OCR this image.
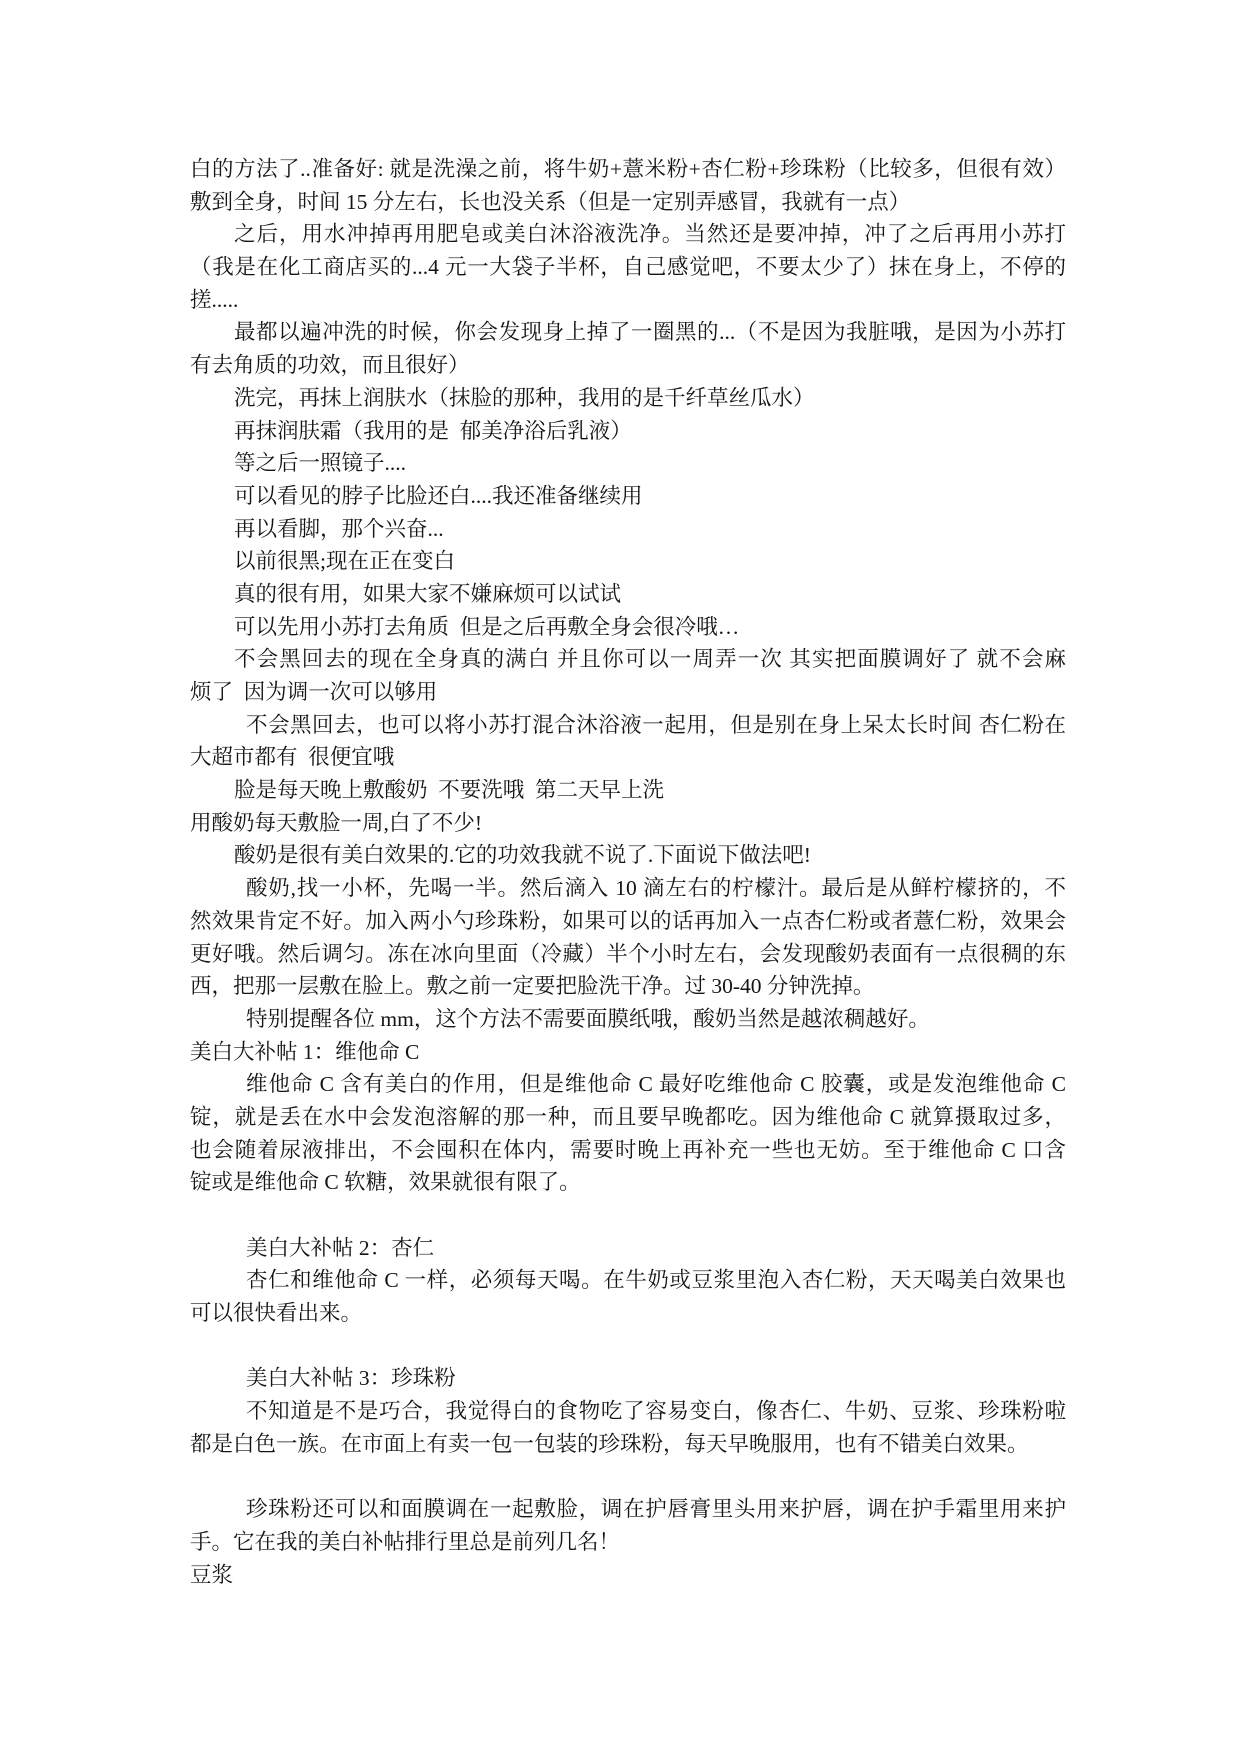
白的方法了..准备好: 就是洗澡之前，将牛奶+薏米粉+杏仁粉+珍珠粉（比较多，但很有效）
敷到全身，时间 15 分左右，长也没关系（但是一定别弄感冒，我就有一点）
之后，用水冲掉再用肥皂或美白沐浴液洗净。当然还是要冲掉，冲了之后再用小苏打
（我是在化工商店买的...4 元一大袋子半杯，自己感觉吧，不要太少了）抹在身上，不停的
搓.....
最都以遍冲洗的时候，你会发现身上掉了一圈黑的...（不是因为我脏哦，是因为小苏打
有去角质的功效，而且很好）
洗完，再抹上润肤水（抹脸的那种，我用的是千纤草丝瓜水）
再抹润肤霜（我用的是  郁美净浴后乳液）
等之后一照镜子....
可以看见的脖子比脸还白....我还准备继续用
再以看脚，那个兴奋...
以前很黑;现在正在变白
真的很有用，如果大家不嫌麻烦可以试试
可以先用小苏打去角质  但是之后再敷全身会很冷哦…
不会黑回去的现在全身真的满白 并且你可以一周弄一次 其实把面膜调好了 就不会麻
烦了  因为调一次可以够用
不会黑回去，也可以将小苏打混合沐浴液一起用，但是别在身上呆太长时间 杏仁粉在
大超市都有  很便宜哦
脸是每天晚上敷酸奶  不要洗哦  第二天早上洗
用酸奶每天敷脸一周,白了不少!
酸奶是很有美白效果的.它的功效我就不说了.下面说下做法吧!
酸奶,找一小杯，先喝一半。然后滴入 10 滴左右的柠檬汁。最后是从鲜柠檬挤的，不
然效果肯定不好。加入两小勺珍珠粉，如果可以的话再加入一点杏仁粉或者薏仁粉，效果会
更好哦。然后调匀。冻在冰向里面（冷藏）半个小时左右，会发现酸奶表面有一点很稠的东
西，把那一层敷在脸上。敷之前一定要把脸洗干净。过 30-40 分钟洗掉。
特别提醒各位 mm，这个方法不需要面膜纸哦，酸奶当然是越浓稠越好。
美白大补帖 1：维他命 C
维他命 C 含有美白的作用，但是维他命 C 最好吃维他命 C 胶囊，或是发泡维他命 C
锭，就是丢在水中会发泡溶解的那一种，而且要早晚都吃。因为维他命 C 就算摄取过多，
也会随着尿液排出，不会囤积在体内，需要时晚上再补充一些也无妨。至于维他命 C 口含
锭或是维他命 C 软糖，效果就很有限了。
美白大补帖 2：杏仁
杏仁和维他命 C 一样，必须每天喝。在牛奶或豆浆里泡入杏仁粉，天天喝美白效果也
可以很快看出来。
美白大补帖 3：珍珠粉
不知道是不是巧合，我觉得白的食物吃了容易变白，像杏仁、牛奶、豆浆、珍珠粉啦
都是白色一族。在市面上有卖一包一包装的珍珠粉，每天早晚服用，也有不错美白效果。
珍珠粉还可以和面膜调在一起敷脸，调在护唇膏里头用来护唇，调在护手霜里用来护
手。它在我的美白补帖排行里总是前列几名！
豆浆
